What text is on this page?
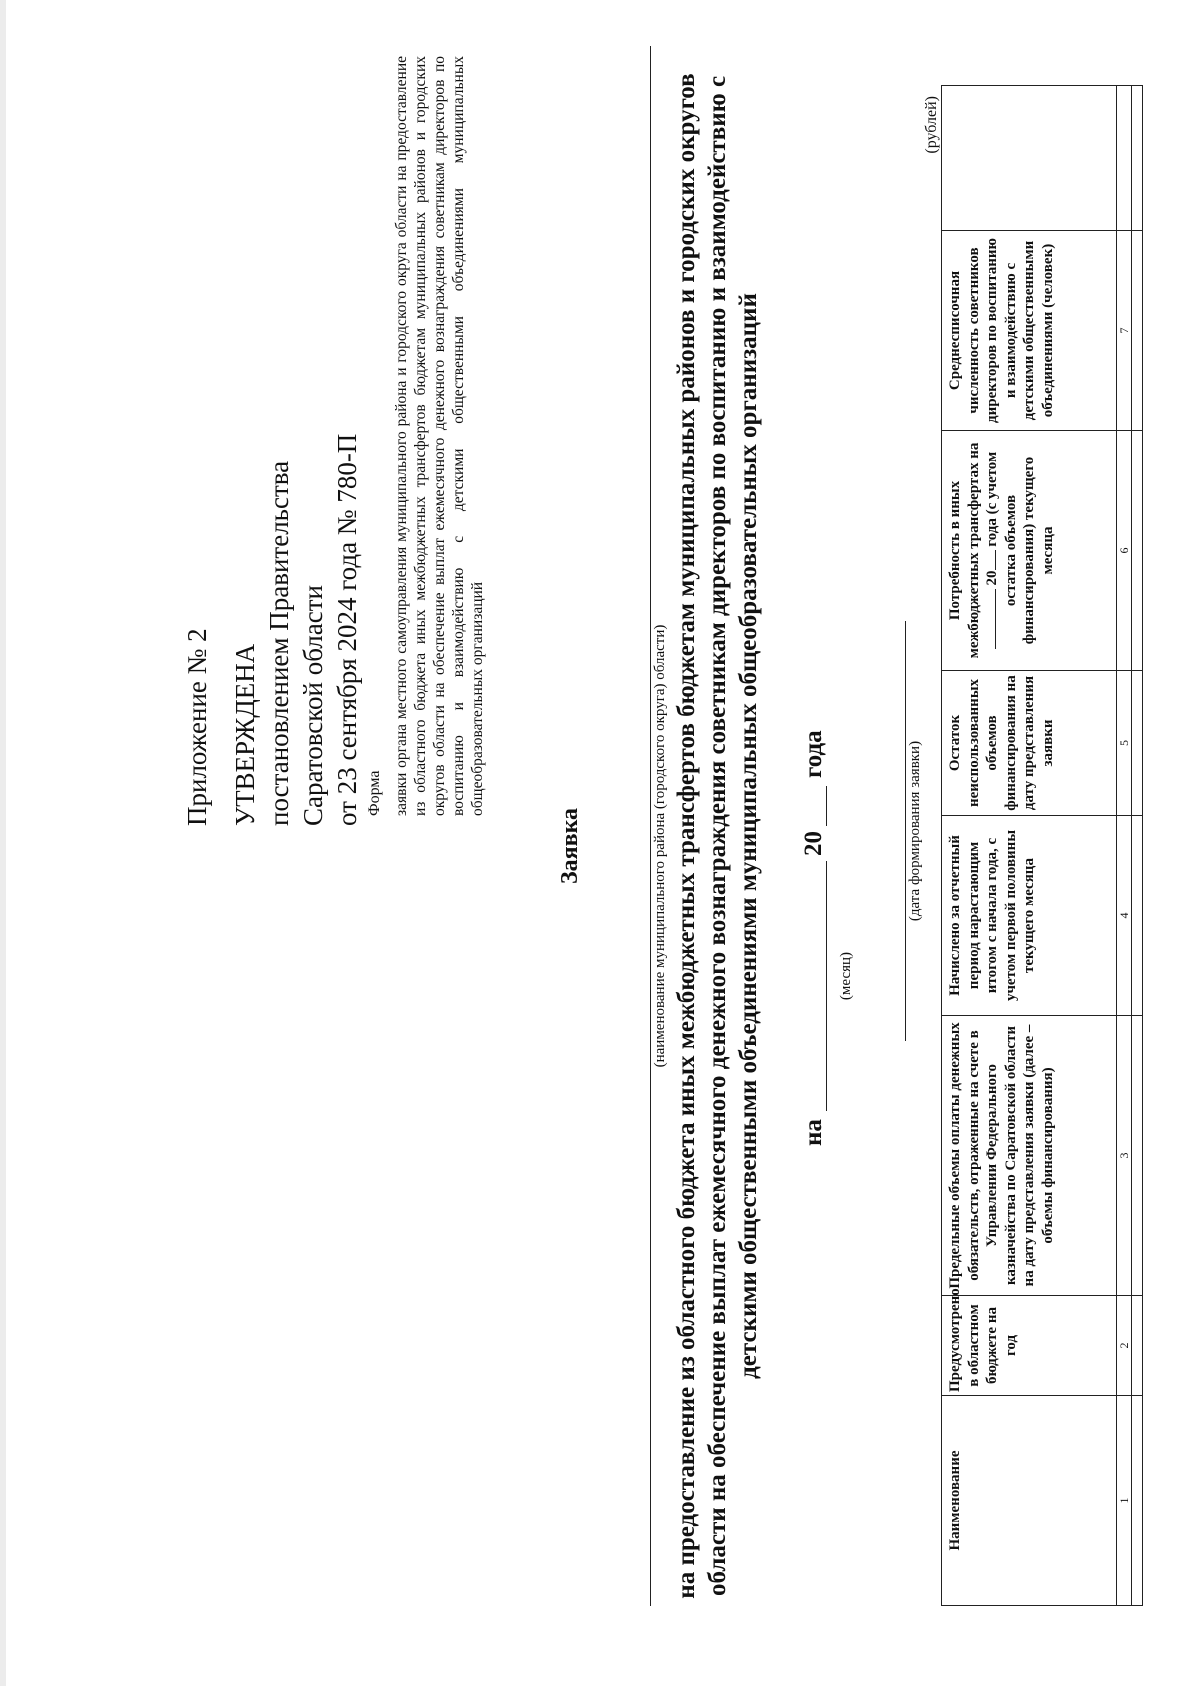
Приложение № 2 УТВЕРЖДЕНА постановлением Правительства Саратовской области от 23 сентября 2024 года № 780-П Форма заявки органа местного самоуправления муниципального района и городского округа области на предоставление из областного бюджета иных межбюджетных трансфертов бюджетам муниципальных районов и городских округов области на обеспечение выплат ежемесячного денежного вознаграждения советникам директоров по воспитанию и взаимодействию с детскими общественными объединениями муниципальных общеобразовательных организаций
Заявка	(наименование муниципального района (городского округа) области) на предоставление из областного бюджета иных межбюджетных трансфертов бюджетам муниципальных районов и городских округов области на обеспечение выплат ежемесячного денежного вознаграждения советникам директоров по воспитанию и взаимодействию с детскими общественными объединениями муниципальных общеобразовательных организаций на
20
года
(месяц)
(дата формирования заявки)
(рублей)
Наименование	Предусмотрено в областном бюджете на год	Предельные объемы оплаты денежных обязательств, отраженные на счете в Управлении Федерального казначейства по Саратовской области на дату представления заявки (далее – объемы финансирования)	Начислено за отчетный период нарастающим итогом с начала года, с учетом первой половины текущего месяца	Остаток неиспользованных объемов финансирования на дату представления заявки	Потребность в иных межбюджетных трансфертах на 20 года (с учетом остатка объемов финансирования) текущего месяца	Среднесписочная численность советников директоров по воспитанию и взаимодействию с детскими общественными объединениями (человек)	
1	2	3	4	5	6	7	
